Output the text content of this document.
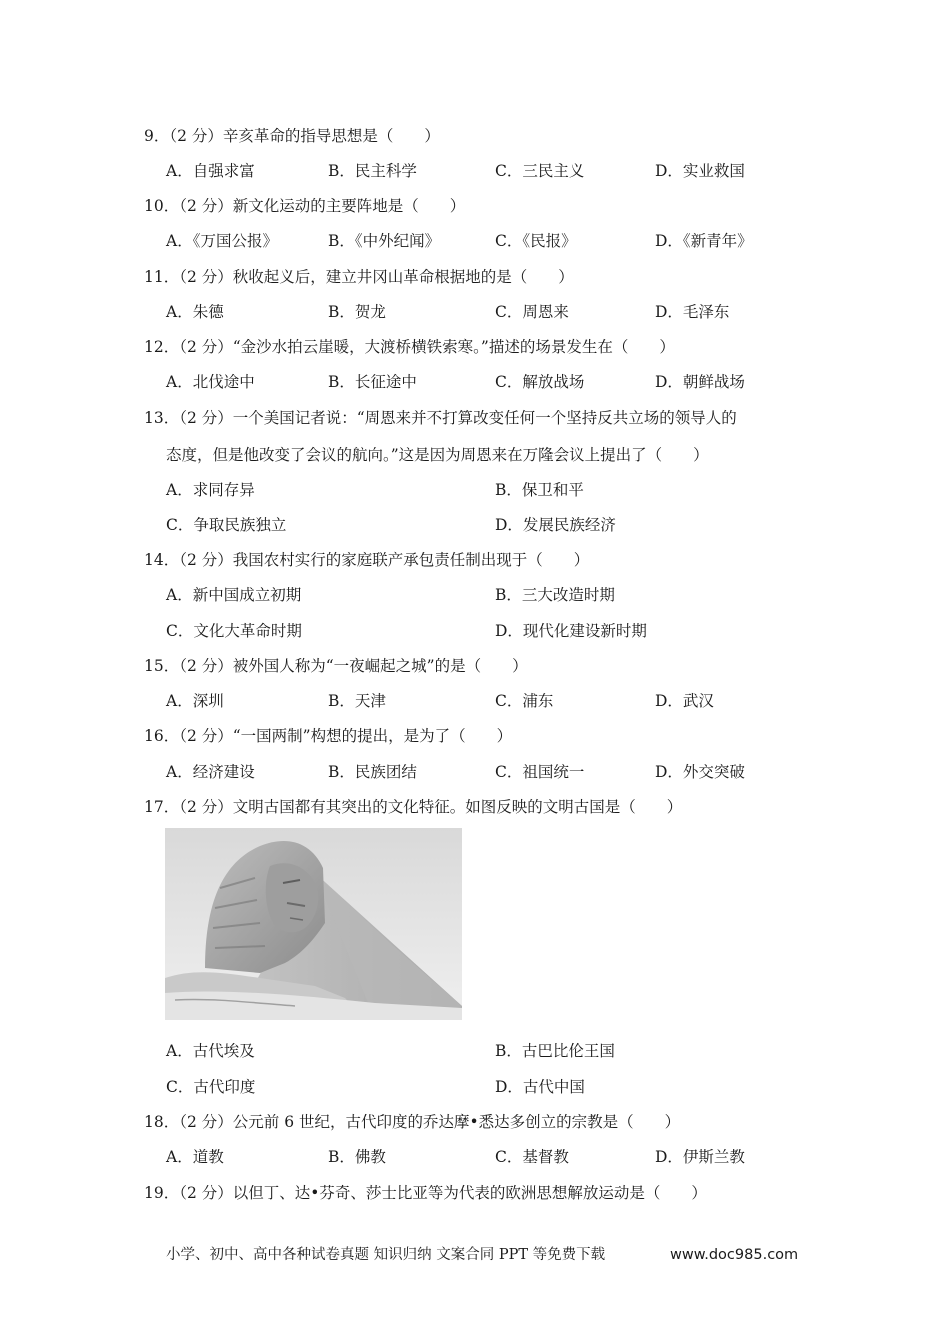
9．（2 分）辛亥革命的指导思想是（　　）
A．自强求富	B．民主科学	C．三民主义	D．实业救国
10．（2 分）新文化运动的主要阵地是（　　）
A．《万国公报》	B．《中外纪闻》	C．《民报》	D．《新青年》
11．（2 分）秋收起义后，建立井冈山革命根据地的是（　　）
A．朱德	B．贺龙	C．周恩来	D．毛泽东
12．（2 分）“金沙水拍云崖暖，大渡桥横铁索寒。”描述的场景发生在（　　）
A．北伐途中	B．长征途中	C．解放战场	D．朝鲜战场
13．（2 分）一个美国记者说：“周恩来并不打算改变任何一个坚持反共立场的领导人的
态度，但是他改变了会议的航向。”这是因为周恩来在万隆会议上提出了（　　）
A．求同存异	B．保卫和平
C．争取民族独立	D．发展民族经济
14．（2 分）我国农村实行的家庭联产承包责任制出现于（　　）
A．新中国成立初期	B．三大改造时期
C．文化大革命时期	D．现代化建设新时期
15．（2 分）被外国人称为“一夜崛起之城”的是（　　）
A．深圳	B．天津	C．浦东	D．武汉
16．（2 分）“一国两制”构想的提出，是为了（　　）
A．经济建设	B．民族团结	C．祖国统一	D．外交突破
17．（2 分）文明古国都有其突出的文化特征。如图反映的文明古国是（　　）
A．古代埃及	B．古巴比伦王国
C．古代印度	D．古代中国
18．（2 分）公元前 6 世纪，古代印度的乔达摩•悉达多创立的宗教是（　　）
A．道教	B．佛教	C．基督教	D．伊斯兰教
19．（2 分）以但丁、达•芬奇、莎士比亚等为代表的欧洲思想解放运动是（　　）
小学、初中、高中各种试卷真题 知识归纳 文案合同 PPT 等免费下载	www.doc985.com
